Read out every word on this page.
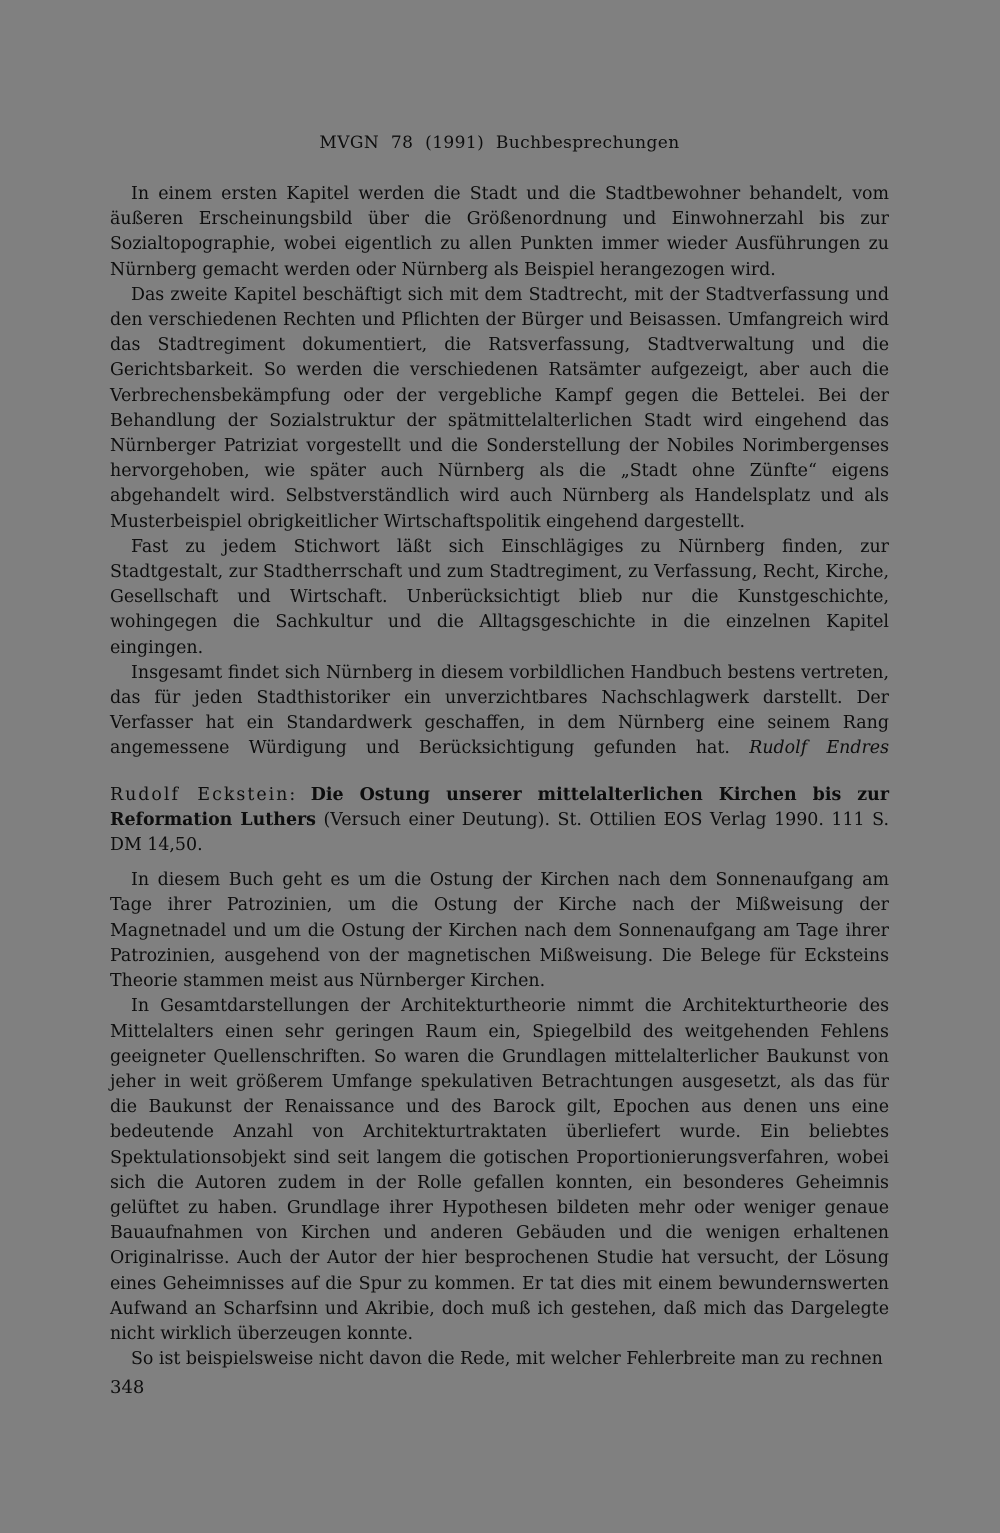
MVGN 78 (1991) Buchbesprechungen

In einem ersten Kapitel werden die Stadt und die Stadtbewohner behandelt, vom äußeren Erscheinungsbild über die Größenordnung und Einwohnerzahl bis zur Sozialtopographie, wobei eigentlich zu allen Punkten immer wieder Ausführungen zu Nürnberg gemacht werden oder Nürnberg als Beispiel herangezogen wird.

Das zweite Kapitel beschäftigt sich mit dem Stadtrecht, mit der Stadtverfassung und den verschiedenen Rechten und Pflichten der Bürger und Beisassen. Umfangreich wird das Stadtregiment dokumentiert, die Ratsverfassung, Stadtverwaltung und die Gerichtsbarkeit. So werden die verschiedenen Ratsämter aufgezeigt, aber auch die Verbrechensbekämpfung oder der vergebliche Kampf gegen die Bettelei. Bei der Behandlung der Sozialstruktur der spätmittelalterlichen Stadt wird eingehend das Nürnberger Patriziat vorgestellt und die Sonderstellung der Nobiles Norimbergenses hervorgehoben, wie später auch Nürnberg als die „Stadt ohne Zünfte“ eigens abgehandelt wird. Selbstverständlich wird auch Nürnberg als Handelsplatz und als Musterbeispiel obrigkeitlicher Wirtschaftspolitik eingehend dargestellt.

Fast zu jedem Stichwort läßt sich Einschlägiges zu Nürnberg finden, zur Stadtgestalt, zur Stadtherrschaft und zum Stadtregiment, zu Verfassung, Recht, Kirche, Gesellschaft und Wirtschaft. Unberücksichtigt blieb nur die Kunstgeschichte, wohingegen die Sachkultur und die Alltagsgeschichte in die einzelnen Kapitel eingingen.

Insgesamt findet sich Nürnberg in diesem vorbildlichen Handbuch bestens vertreten, das für jeden Stadthistoriker ein unverzichtbares Nachschlagwerk darstellt. Der Verfasser hat ein Standardwerk geschaffen, in dem Nürnberg eine seinem Rang angemessene Würdigung und Berücksichtigung gefunden hat. Rudolf Endres

Rudolf Eckstein: Die Ostung unserer mittelalterlichen Kirchen bis zur Reformation Luthers (Versuch einer Deutung). St. Ottilien EOS Verlag 1990. 111 S. DM 14,50.

In diesem Buch geht es um die Ostung der Kirchen nach dem Sonnenaufgang am Tage ihrer Patrozinien, um die Ostung der Kirche nach der Mißweisung der Magnetnadel und um die Ostung der Kirchen nach dem Sonnenaufgang am Tage ihrer Patrozinien, ausgehend von der magnetischen Mißweisung. Die Belege für Ecksteins Theorie stammen meist aus Nürnberger Kirchen.

In Gesamtdarstellungen der Architekturtheorie nimmt die Architekturtheorie des Mittelalters einen sehr geringen Raum ein, Spiegelbild des weitgehenden Fehlens geeigneter Quellenschriften. So waren die Grundlagen mittelalterlicher Baukunst von jeher in weit größerem Umfange spekulativen Betrachtungen ausgesetzt, als das für die Baukunst der Renaissance und des Barock gilt, Epochen aus denen uns eine bedeutende Anzahl von Architekturtraktaten überliefert wurde. Ein beliebtes Spektulationsobjekt sind seit langem die gotischen Proportionierungsverfahren, wobei sich die Autoren zudem in der Rolle gefallen konnten, ein besonderes Geheimnis gelüftet zu haben. Grundlage ihrer Hypothesen bildeten mehr oder weniger genaue Bauaufnahmen von Kirchen und anderen Gebäuden und die wenigen erhaltenen Originalrisse. Auch der Autor der hier besprochenen Studie hat versucht, der Lösung eines Geheimnisses auf die Spur zu kommen. Er tat dies mit einem bewundernswerten Aufwand an Scharfsinn und Akribie, doch muß ich gestehen, daß mich das Dargelegte nicht wirklich überzeugen konnte.

So ist beispielsweise nicht davon die Rede, mit welcher Fehlerbreite man zu rechnen

348
